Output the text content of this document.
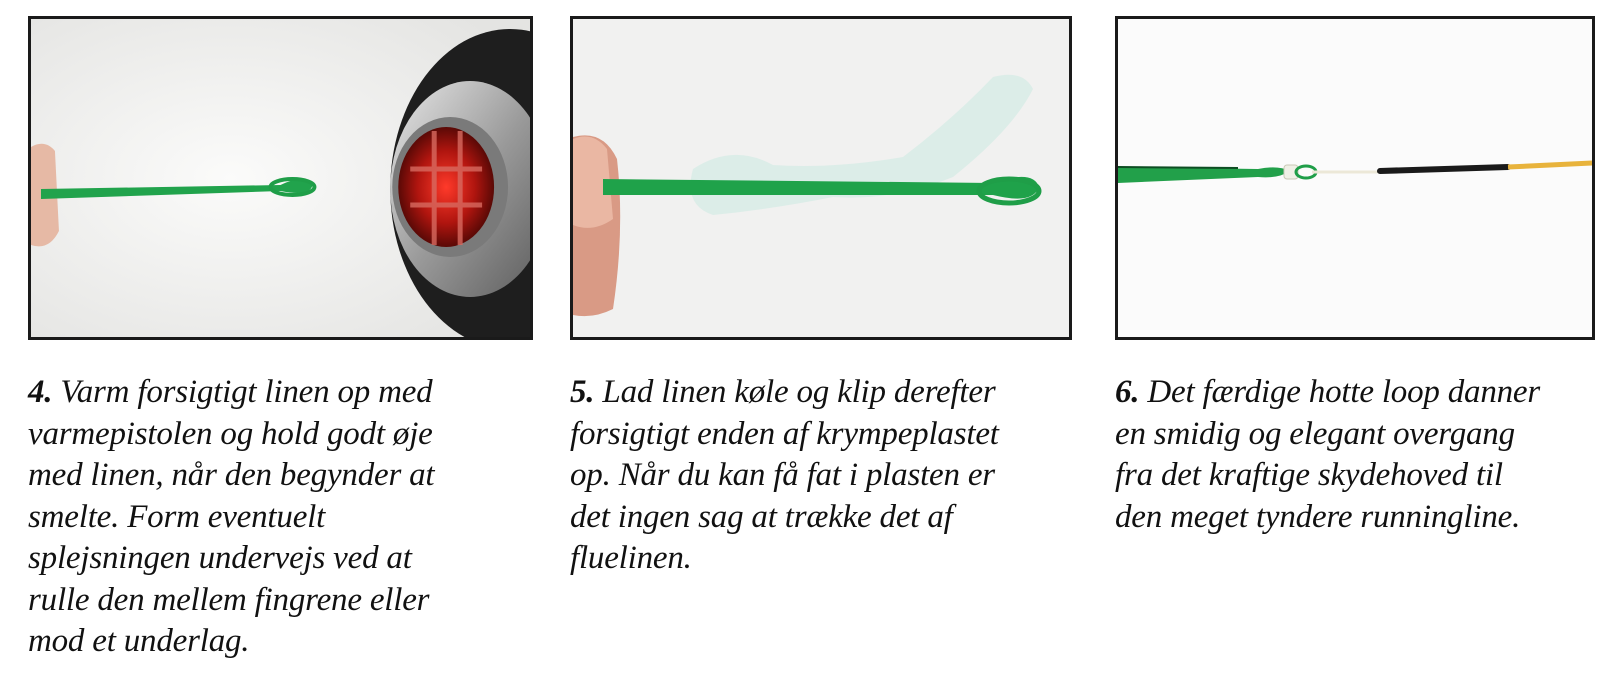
4. Varm forsigtigt linen op med
varmepistolen og hold godt øje
med linen, når den begynder at
smelte. Form eventuelt
splejsningen undervejs ved at
rulle den mellem fingrene eller
mod et underlag.
5. Lad linen køle og klip derefter
forsigtigt enden af krympeplastet
op. Når du kan få fat i plasten er
det ingen sag at trække det af
fluelinen.
6. Det færdige hotte loop danner
en smidig og elegant overgang
fra det kraftige skydehoved til
den meget tyndere runningline.
